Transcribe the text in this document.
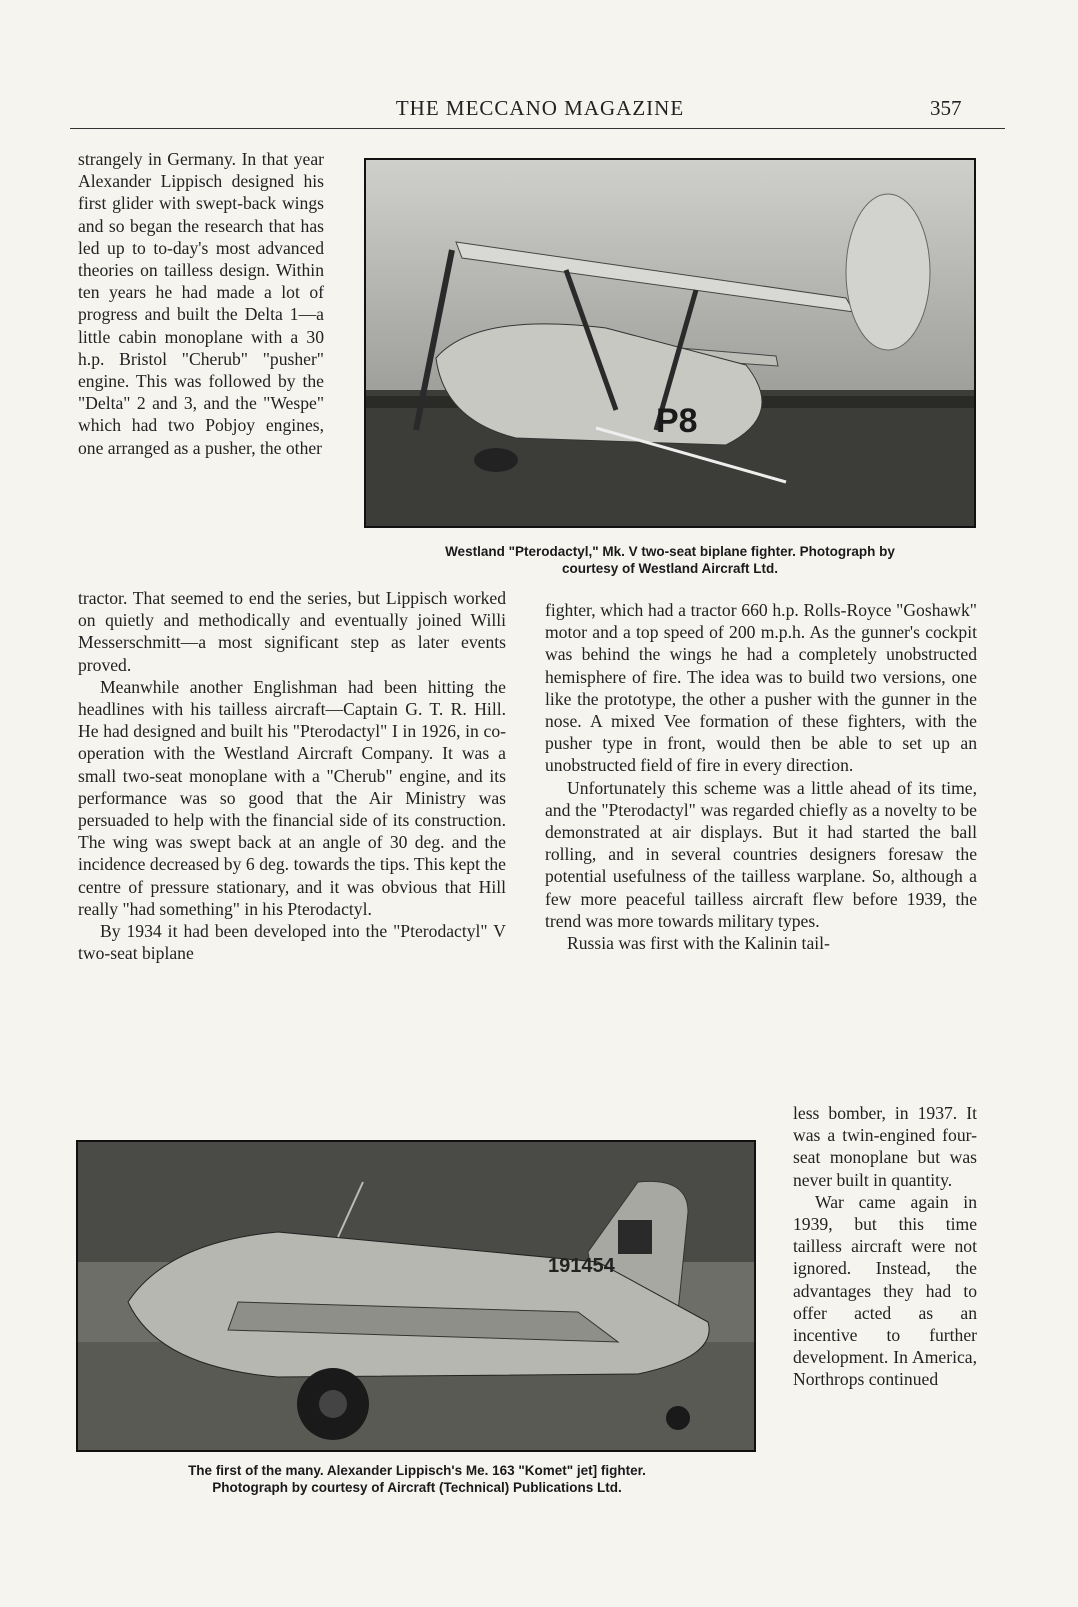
THE MECCANO MAGAZINE	357

strangely in Germany. In that year Alexander Lippisch designed his first glider with swept-back wings and so began the research that has led up to to-day's most advanced theories on tailless design. Within ten years he had made a lot of progress and built the Delta 1—a little cabin monoplane with a 30 h.p. Bristol "Cherub" "pusher" engine. This was followed by the "Delta" 2 and 3, and the "Wespe" which had two Pobjoy engines, one arranged as a pusher, the other

P8
Westland "Pterodactyl," Mk. V two-seat biplane fighter. Photograph by
courtesy of Westland Aircraft Ltd.

tractor. That seemed to end the series, but Lippisch worked on quietly and methodically and eventually joined Willi Messerschmitt—a most significant step as later events proved.

Meanwhile another Englishman had been hitting the headlines with his tailless aircraft—Captain G. T. R. Hill. He had designed and built his "Pterodactyl" I in 1926, in co-operation with the Westland Aircraft Company. It was a small two-seat monoplane with a "Cherub" engine, and its performance was so good that the Air Ministry was persuaded to help with the financial side of its construction. The wing was swept back at an angle of 30 deg. and the incidence decreased by 6 deg. towards the tips. This kept the centre of pressure stationary, and it was obvious that Hill really "had something" in his Pterodactyl.

By 1934 it had been developed into the "Pterodactyl" V two-seat biplane

fighter, which had a tractor 660 h.p. Rolls-Royce "Goshawk" motor and a top speed of 200 m.p.h. As the gunner's cockpit was behind the wings he had a completely unobstructed hemisphere of fire. The idea was to build two versions, one like the prototype, the other a pusher with the gunner in the nose. A mixed Vee formation of these fighters, with the pusher type in front, would then be able to set up an unobstructed field of fire in every direction.

Unfortunately this scheme was a little ahead of its time, and the "Pterodactyl" was regarded chiefly as a novelty to be demonstrated at air displays. But it had started the ball rolling, and in several countries designers foresaw the potential usefulness of the tailless warplane. So, although a few more peaceful tailless aircraft flew before 1939, the trend was more towards military types.

Russia was first with the Kalinin tail-

191454
The first of the many. Alexander Lippisch's Me. 163 "Komet" jet] fighter.
Photograph by courtesy of Aircraft (Technical) Publications Ltd.

less bomber, in 1937. It was a twin-engined four-seat monoplane but was never built in quantity.

War came again in 1939, but this time tailless aircraft were not ignored. Instead, the advantages they had to offer acted as an incentive to further development. In America, Northrops continued
